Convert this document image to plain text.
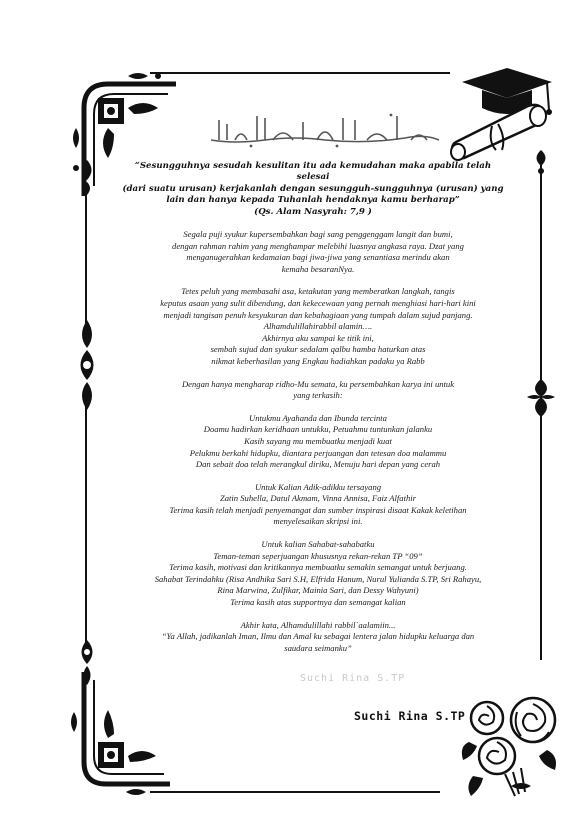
“Sesungguhnya sesudah kesulitan itu ada kemudahan maka apabila telah selesai
(dari suatu urusan) kerjakanlah dengan sesungguh-sungguhnya (urusan) yang
lain dan hanya kepada Tuhanlah hendaknya kamu berharap”
(Qs. Alam Nasyrah: 7,9 )
Segala puji syukur kupersembahkan bagi sang penggenggam langit dan bumi,
dengan rahman rahim yang menghampar melebihi luasnya angkasa raya. Dzat yang
menganugerahkan kedamaian bagi jiwa-jiwa yang senantiasa merindu akan
kemaha besaranNya.
Tetes peluh yang membasahi asa, ketakutan yang memberatkan langkah, tangis
keputus asaan yang sulit dibendung, dan kekecewaan yang pernah menghiasi hari-hari kini
menjadi tangisan penuh kesyukuran dan kebahagiaan yang tumpah dalam sujud panjang.
Alhamdulillahirabbil alamin….
Akhirnya aku sampai ke titik ini,
sembah sujud dan syukur sedalam qalbu hamba haturkan atas
nikmat keberhasilan yang Engkau hadiahkan padaku ya Rabb
Dengan hanya mengharap ridho-Mu semata, ku persembahkan karya ini untuk
yang terkasih:
Untukmu Ayahanda dan Ibunda tercinta
Doamu hadirkan keridhaan untukku, Petuahmu tuntunkan jalanku
Kasih sayang mu membuatku menjadi kuat
Pelukmu berkahi hidupku, diantara perjuangan dan tetesan doa malammu
Dan sebait doa telah merangkul diriku, Menuju hari depan yang cerah
Untuk Kalian Adik-adikku tersayang
Zatin Suhella, Datul Akmam, Vinna Annisa, Faiz Alfathir
Terima kasih telah menjadi penyemangat dan sumber inspirasi disaat Kakak keletihan
menyelesaikan skripsi ini.
Untuk kalian Sahabat-sahabatku
Teman-teman seperjuangan khususnya rekan-rekan TP “09”
Terima kasih, motivasi dan kritikannya membuatku semakin semangat untuk berjuang.
Sahabat Terindahku (Risa Andhika Sari S.H, Elfrida Hanum, Nurul Yulianda S.TP, Sri Rahayu,
Rina Marwina, Zulfikar, Mainia Sari, dan Dessy Wahyuni)
Terima kasih atas supportnya dan semangat kalian
Akhir kata, Alhamdulillahi rabbil`aalamiin...
“Ya Allah, jadikanlah Iman, Ilmu dan Amal ku sebagai lentera jalan hidupku keluarga dan
saudara seimanku”
Suchi Rina S.TP
Suchi Rina S.TP
